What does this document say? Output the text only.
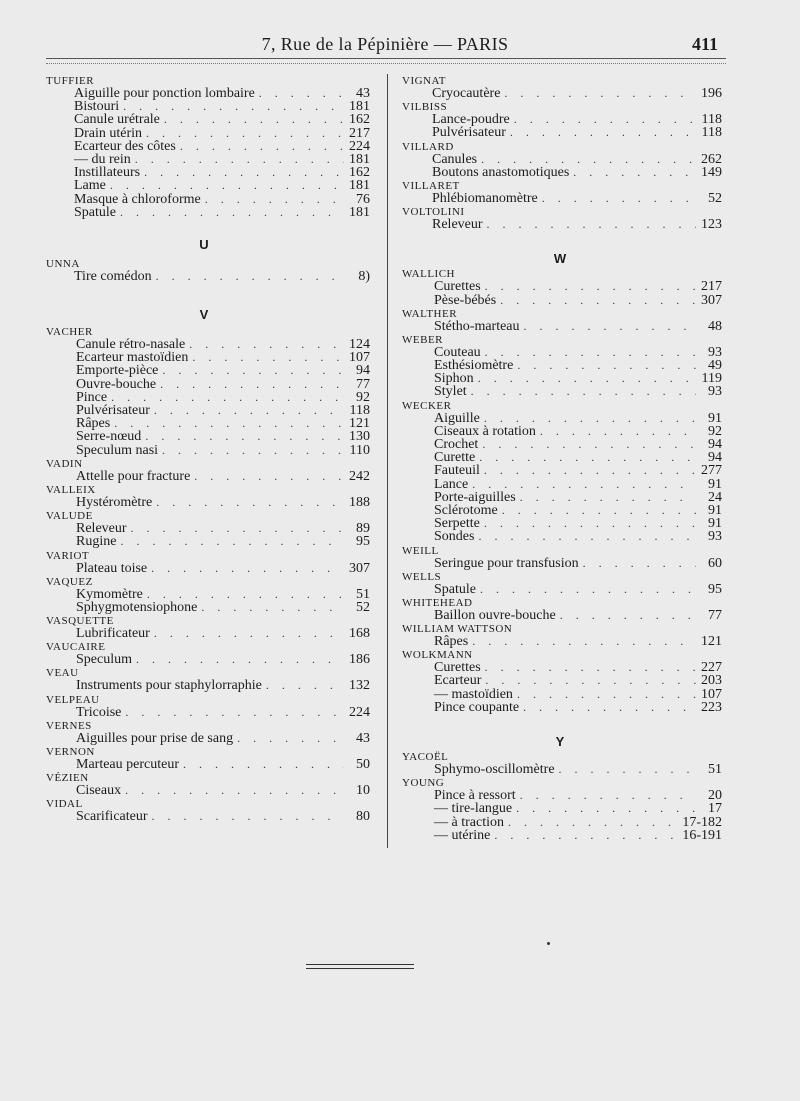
7, Rue de la Pépinière — PARIS	411
TUFFIER
Aiguille pour ponction lombaire . . .	43
Bistouri . . .	181
Canule urétrale . . .	162
Drain utérin . . .	217
Ecarteur des côtes . . .	224
— du rein . . .	181
Instillateurs . . .	162
Lame . . .	181
Masque à chloroforme . . .	76
Spatule . . .	181
U
UNNA
Tire comédon . . .	8)
V
VACHER
Canule rétro-nasale . . .	124
Ecarteur mastoïdien . . .	107
Emporte-pièce . . .	94
Ouvre-bouche . . .	77
Pince . . .	92
Pulvérisateur . . .	118
Râpes . . .	121
Serre-nœud . . .	130
Speculum nasi . . .	110
VADIN
Attelle pour fracture . . .	242
VALLEIX
Hystéromètre . . .	188
VALUDE
Releveur . . .	89
Rugine . . .	95
VARIOT
Plateau toise . . .	307
VAQUEZ
Kymomètre . . .	51
Sphygmotensiophone . . .	52
VASQUETTE
Lubrificateur . . .	168
VAUCAIRE
Speculum . . .	186
VEAU
Instruments pour staphylorraphie . . .	132
VELPEAU
Tricoise . . .	224
VERNES
Aiguilles pour prise de sang . . .	43
VERNON
Marteau percuteur . . .	50
VÉZIEN
Ciseaux . . .	10
VIDAL
Scarificateur . . .	80
VIGNAT
Cryocautère . . .	196
VILBISS
Lance-poudre . . .	118
Pulvérisateur . . .	118
VILLARD
Canules . . .	262
Boutons anastomotiques . . .	149
VILLARET
Phlébiomanomètre . . .	52
VOLTOLINI
Releveur . . .	123
W
WALLICH
Curettes . . .	217
Pèse-bébés . . .	307
WALTHER
Stétho-marteau . . .	48
WEBER
Couteau . . .	93
Esthésiomètre . . .	49
Siphon . . .	119
Stylet . . .	93
WECKER
Aiguille . . .	91
Ciseaux à rotation . . .	92
Crochet . . .	94
Curette . . .	94
Fauteuil . . .	277
Lance . . .	91
Porte-aiguilles . . .	24
Sclérotome . . .	91
Serpette . . .	91
Sondes . . .	93
WEILL
Seringue pour transfusion . . .	60
WELLS
Spatule . . .	95
WHITEHEAD
Baillon ouvre-bouche . . .	77
WILLIAM WATTSON
Râpes . . .	121
WOLKMANN
Curettes . . .	227
Ecarteur . . .	203
— mastoïdien . . .	107
Pince coupante . . .	223
Y
YACOËL
Sphymo-oscillomètre . . .	51
YOUNG
Pince à ressort . . .	20
— tire-langue . . .	17
— à traction . . .	17-182
— utérine . . .	16-191
